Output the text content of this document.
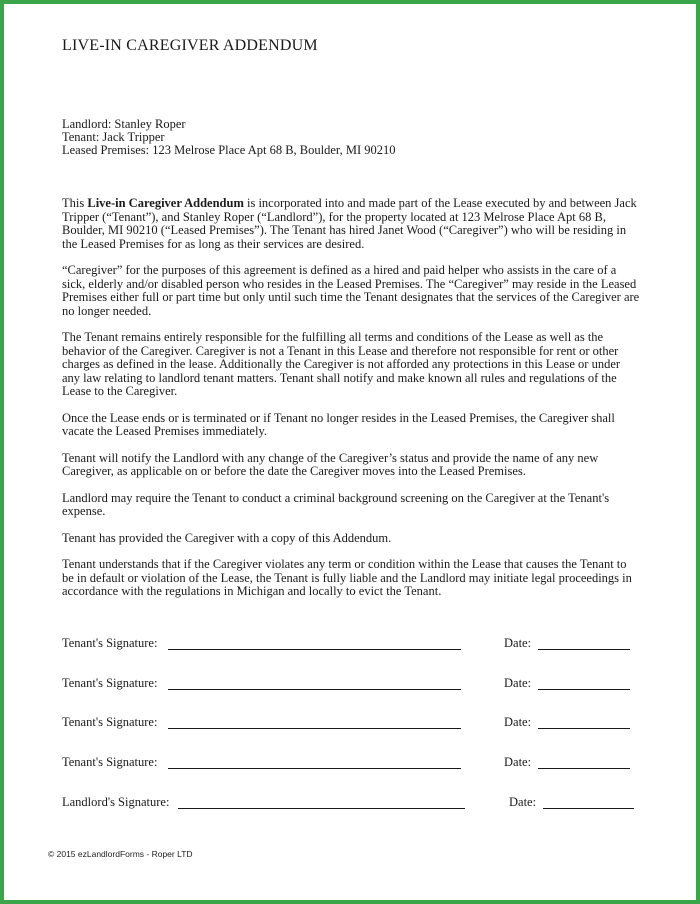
LIVE-IN CAREGIVER ADDENDUM
Landlord: Stanley Roper
Tenant: Jack Tripper
Leased Premises: 123 Melrose Place Apt 68 B, Boulder, MI 90210

This Live-in Caregiver Addendum is incorporated into and made part of the Lease executed by and between Jack Tripper (“Tenant”), and Stanley Roper (“Landlord”), for the property located at 123 Melrose Place Apt 68 B, Boulder, MI 90210 (“Leased Premises”). The Tenant has hired Janet Wood (“Caregiver”) who will be residing in the Leased Premises for as long as their services are desired.

“Caregiver” for the purposes of this agreement is defined as a hired and paid helper who assists in the care of a sick, elderly and/or disabled person who resides in the Leased Premises. The “Caregiver” may reside in the Leased Premises either full or part time but only until such time the Tenant designates that the services of the Caregiver are no longer needed.

The Tenant remains entirely responsible for the fulfilling all terms and conditions of the Lease as well as the behavior of the Caregiver. Caregiver is not a Tenant in this Lease and therefore not responsible for rent or other charges as defined in the lease. Additionally the Caregiver is not afforded any protections in this Lease or under any law relating to landlord tenant matters. Tenant shall notify and make known all rules and regulations of the Lease to the Caregiver.

Once the Lease ends or is terminated or if Tenant no longer resides in the Leased Premises, the Caregiver shall vacate the Leased Premises immediately.

Tenant will notify the Landlord with any change of the Caregiver’s status and provide the name of any new Caregiver, as applicable on or before the date the Caregiver moves into the Leased Premises.

Landlord may require the Tenant to conduct a criminal background screening on the Caregiver at the Tenant's expense.

Tenant has provided the Caregiver with a copy of this Addendum.

Tenant understands that if the Caregiver violates any term or condition within the Lease that causes the Tenant to be in default or violation of the Lease, the Tenant is fully liable and the Landlord may initiate legal proceedings in accordance with the regulations in Michigan and locally to evict the Tenant.

Tenant's Signature:	Date:
Tenant's Signature:	Date:
Tenant's Signature:	Date:
Tenant's Signature:	Date:
Landlord's Signature:	Date:
© 2015 ezLandlordForms - Roper LTD
